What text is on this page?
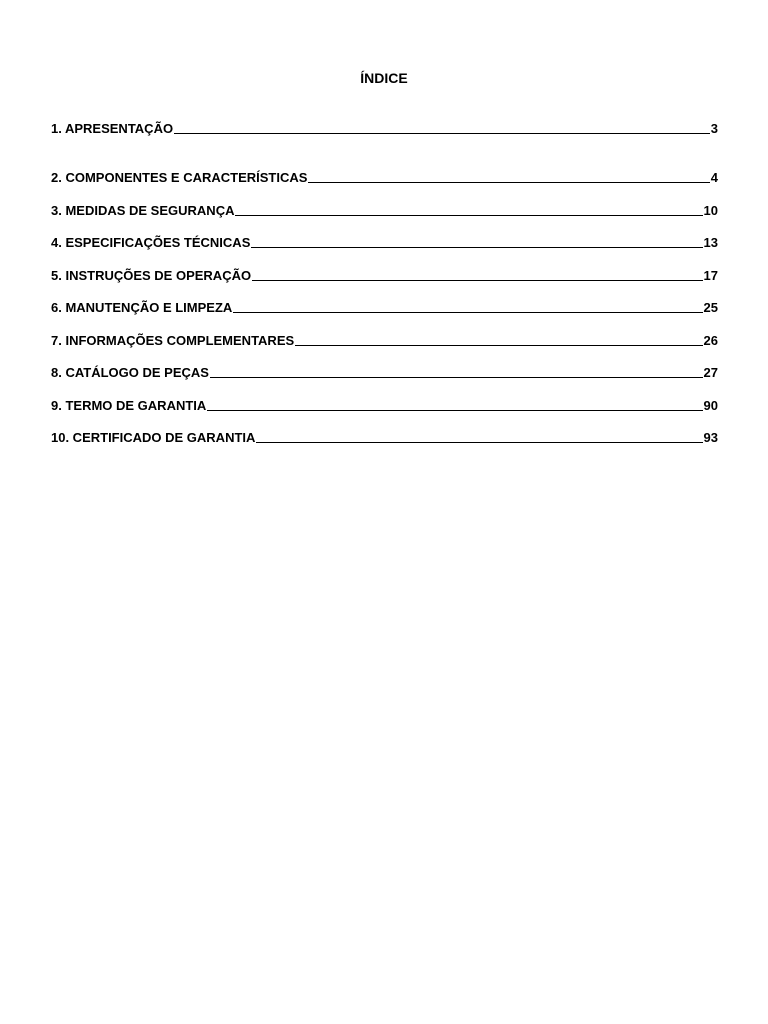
ÍNDICE
1. APRESENTAÇÃO	3
2. COMPONENTES E CARACTERÍSTICAS	4
3. MEDIDAS DE SEGURANÇA	10
4. ESPECIFICAÇÕES TÉCNICAS	13
5. INSTRUÇÕES DE OPERAÇÃO	17
6. MANUTENÇÃO E LIMPEZA	25
7. INFORMAÇÕES COMPLEMENTARES	26
8. CATÁLOGO DE PEÇAS	27
9. TERMO DE GARANTIA	90
10. CERTIFICADO DE GARANTIA	93
